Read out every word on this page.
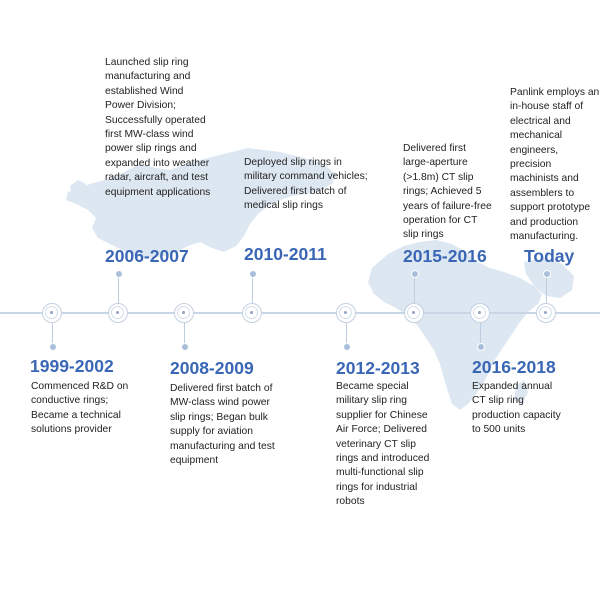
1999-2002
Commenced R&D on conductive rings; Became a technical solutions provider
2006-2007
Launched slip ring manufacturing and established Wind Power Division; Successfully operated first MW-class wind power slip rings and expanded into weather radar, aircraft, and test equipment applications
2008-2009
Delivered first batch of MW-class wind power slip rings; Began bulk supply for aviation manufacturing and test equipment
2010-2011
Deployed slip rings in military command vehicles; Delivered first batch of medical slip rings
2012-2013
Became special military slip ring supplier for Chinese Air Force; Delivered veterinary CT slip rings and introduced multi-functional slip rings for industrial robots
2015-2016
Delivered first large-aperture (>1.8m) CT slip rings; Achieved 5 years of failure-free operation for CT slip rings
2016-2018
Expanded annual CT slip ring production capacity to 500 units
Today
Panlink employs an in-house staff of electrical and mechanical engineers, precision machinists and assemblers to support prototype and production manufacturing.
